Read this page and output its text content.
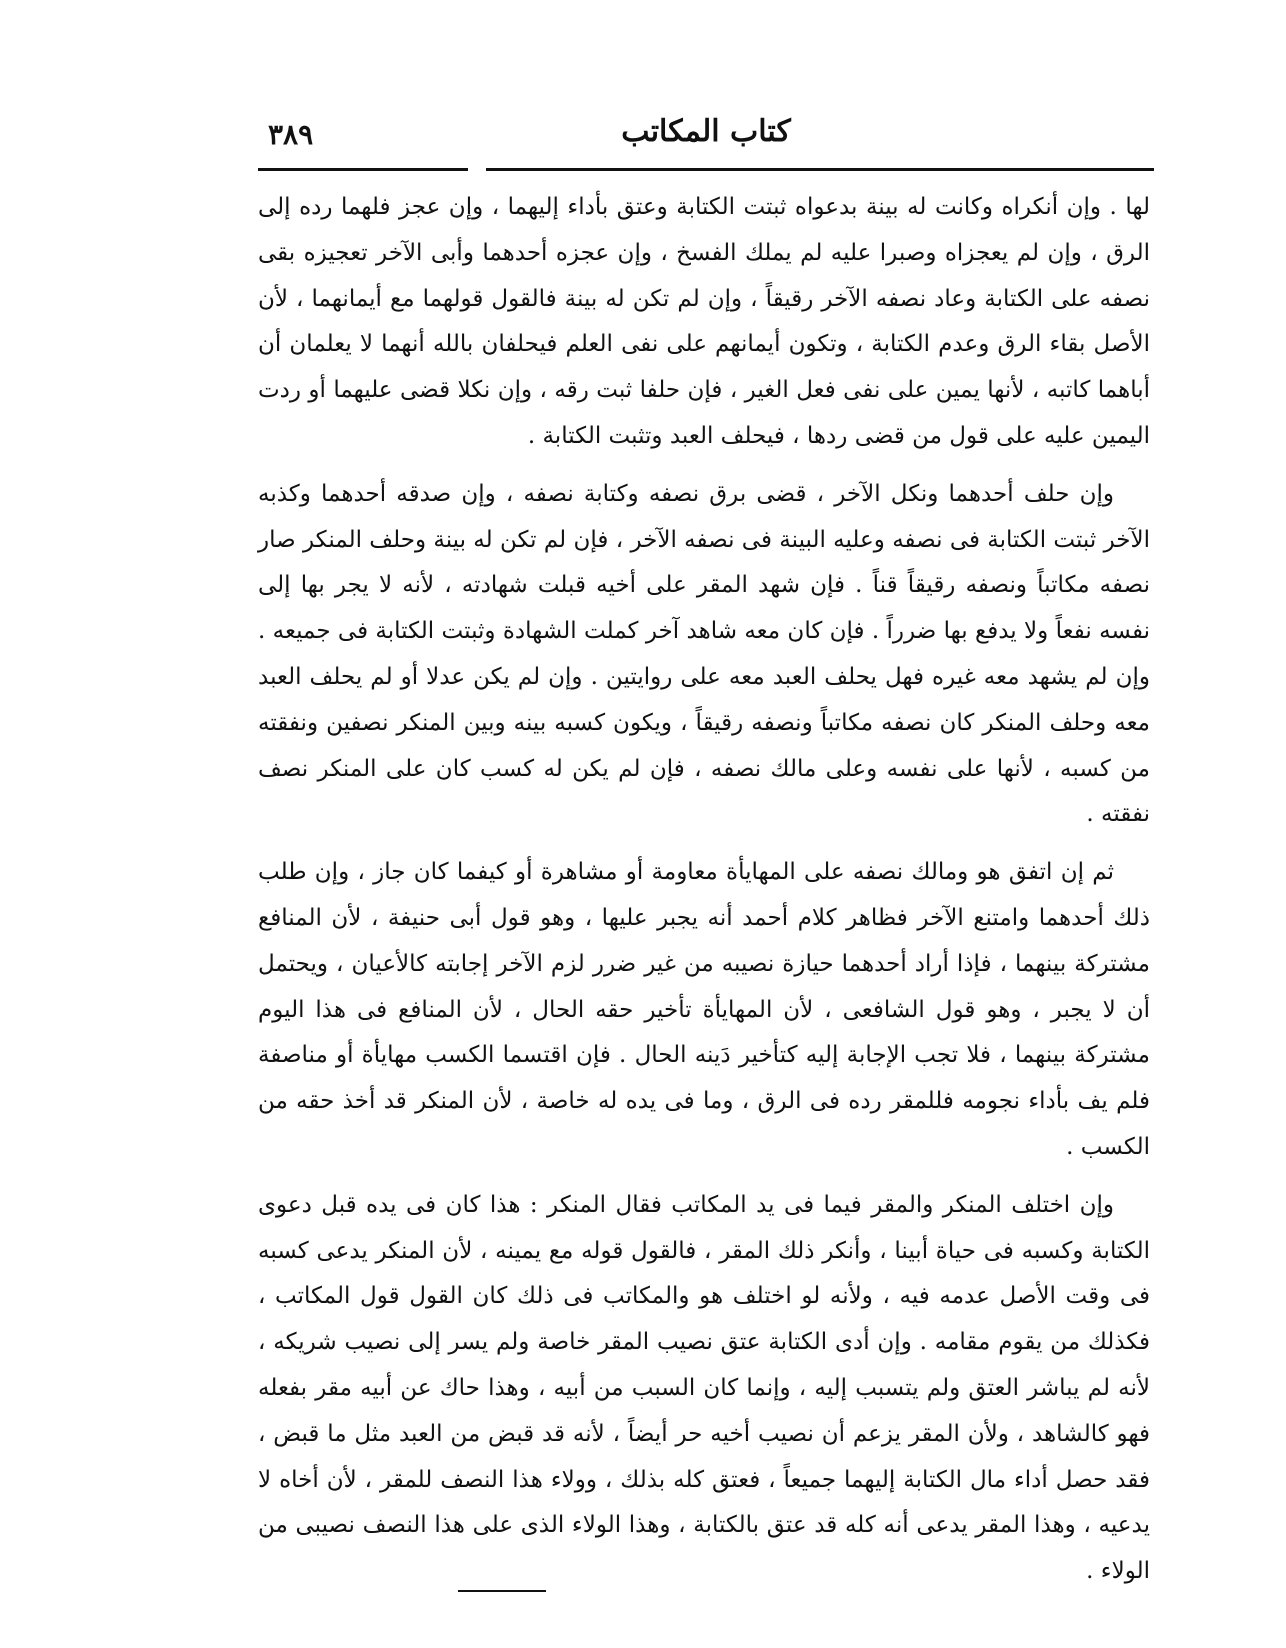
٣٨٩	كتاب المكاتب

لها . وإن أنكراه وكانت له بينة بدعواه ثبتت الكتابة وعتق بأداء إليهما ، وإن عجز فلهما رده إلى الرق ، وإن لم يعجزاه وصبرا عليه لم يملك الفسخ ، وإن عجزه أحدهما وأبى الآخر تعجيزه بقى نصفه على الكتابة وعاد نصفه الآخر رقيقاً ، وإن لم تكن له بينة فالقول قولهما مع أيمانهما ، لأن الأصل بقاء الرق وعدم الكتابة ، وتكون أيمانهم على نفى العلم فيحلفان بالله أنهما لا يعلمان أن أباهما كاتبه ، لأنها يمين على نفى فعل الغير ، فإن حلفا ثبت رقه ، وإن نكلا قضى عليهما أو ردت اليمين عليه على قول من قضى ردها ، فيحلف العبد وتثبت الكتابة .

وإن حلف أحدهما ونكل الآخر ، قضى برق نصفه وكتابة نصفه ، وإن صدقه أحدهما وكذبه الآخر ثبتت الكتابة فى نصفه وعليه البينة فى نصفه الآخر ، فإن لم تكن له بينة وحلف المنكر صار نصفه مكاتباً ونصفه رقيقاً قناً . فإن شهد المقر على أخيه قبلت شهادته ، لأنه لا يجر بها إلى نفسه نفعاً ولا يدفع بها ضرراً . فإن كان معه شاهد آخر كملت الشهادة وثبتت الكتابة فى جميعه . وإن لم يشهد معه غيره فهل يحلف العبد معه على روايتين . وإن لم يكن عدلا أو لم يحلف العبد معه وحلف المنكر كان نصفه مكاتباً ونصفه رقيقاً ، ويكون كسبه بينه وبين المنكر نصفين ونفقته من كسبه ، لأنها على نفسه وعلى مالك نصفه ، فإن لم يكن له كسب كان على المنكر نصف نفقته .

ثم إن اتفق هو ومالك نصفه على المهايأة معاومة أو مشاهرة أو كيفما كان جاز ، وإن طلب ذلك أحدهما وامتنع الآخر فظاهر كلام أحمد أنه يجبر عليها ، وهو قول أبى حنيفة ، لأن المنافع مشتركة بينهما ، فإذا أراد أحدهما حيازة نصيبه من غير ضرر لزم الآخر إجابته كالأعيان ، ويحتمل أن لا يجبر ، وهو قول الشافعى ، لأن المهايأة تأخير حقه الحال ، لأن المنافع فى هذا اليوم مشتركة بينهما ، فلا تجب الإجابة إليه كتأخير دَينه الحال . فإن اقتسما الكسب مهايأة أو مناصفة فلم يف بأداء نجومه فللمقر رده فى الرق ، وما فى يده له خاصة ، لأن المنكر قد أخذ حقه من الكسب .

وإن اختلف المنكر والمقر فيما فى يد المكاتب فقال المنكر : هذا كان فى يده قبل دعوى الكتابة وكسبه فى حياة أبينا ، وأنكر ذلك المقر ، فالقول قوله مع يمينه ، لأن المنكر يدعى كسبه فى وقت الأصل عدمه فيه ، ولأنه لو اختلف هو والمكاتب فى ذلك كان القول قول المكاتب ، فكذلك من يقوم مقامه . وإن أدى الكتابة عتق نصيب المقر خاصة ولم يسر إلى نصيب شريكه ، لأنه لم يباشر العتق ولم يتسبب إليه ، وإنما كان السبب من أبيه ، وهذا حاك عن أبيه مقر بفعله فهو كالشاهد ، ولأن المقر يزعم أن نصيب أخيه حر أيضاً ، لأنه قد قبض من العبد مثل ما قبض ، فقد حصل أداء مال الكتابة إليهما جميعاً ، فعتق كله بذلك ، وولاء هذا النصف للمقر ، لأن أخاه لا يدعيه ، وهذا المقر يدعى أنه كله قد عتق بالكتابة ، وهذا الولاء الذى على هذا النصف نصيبى من الولاء .
